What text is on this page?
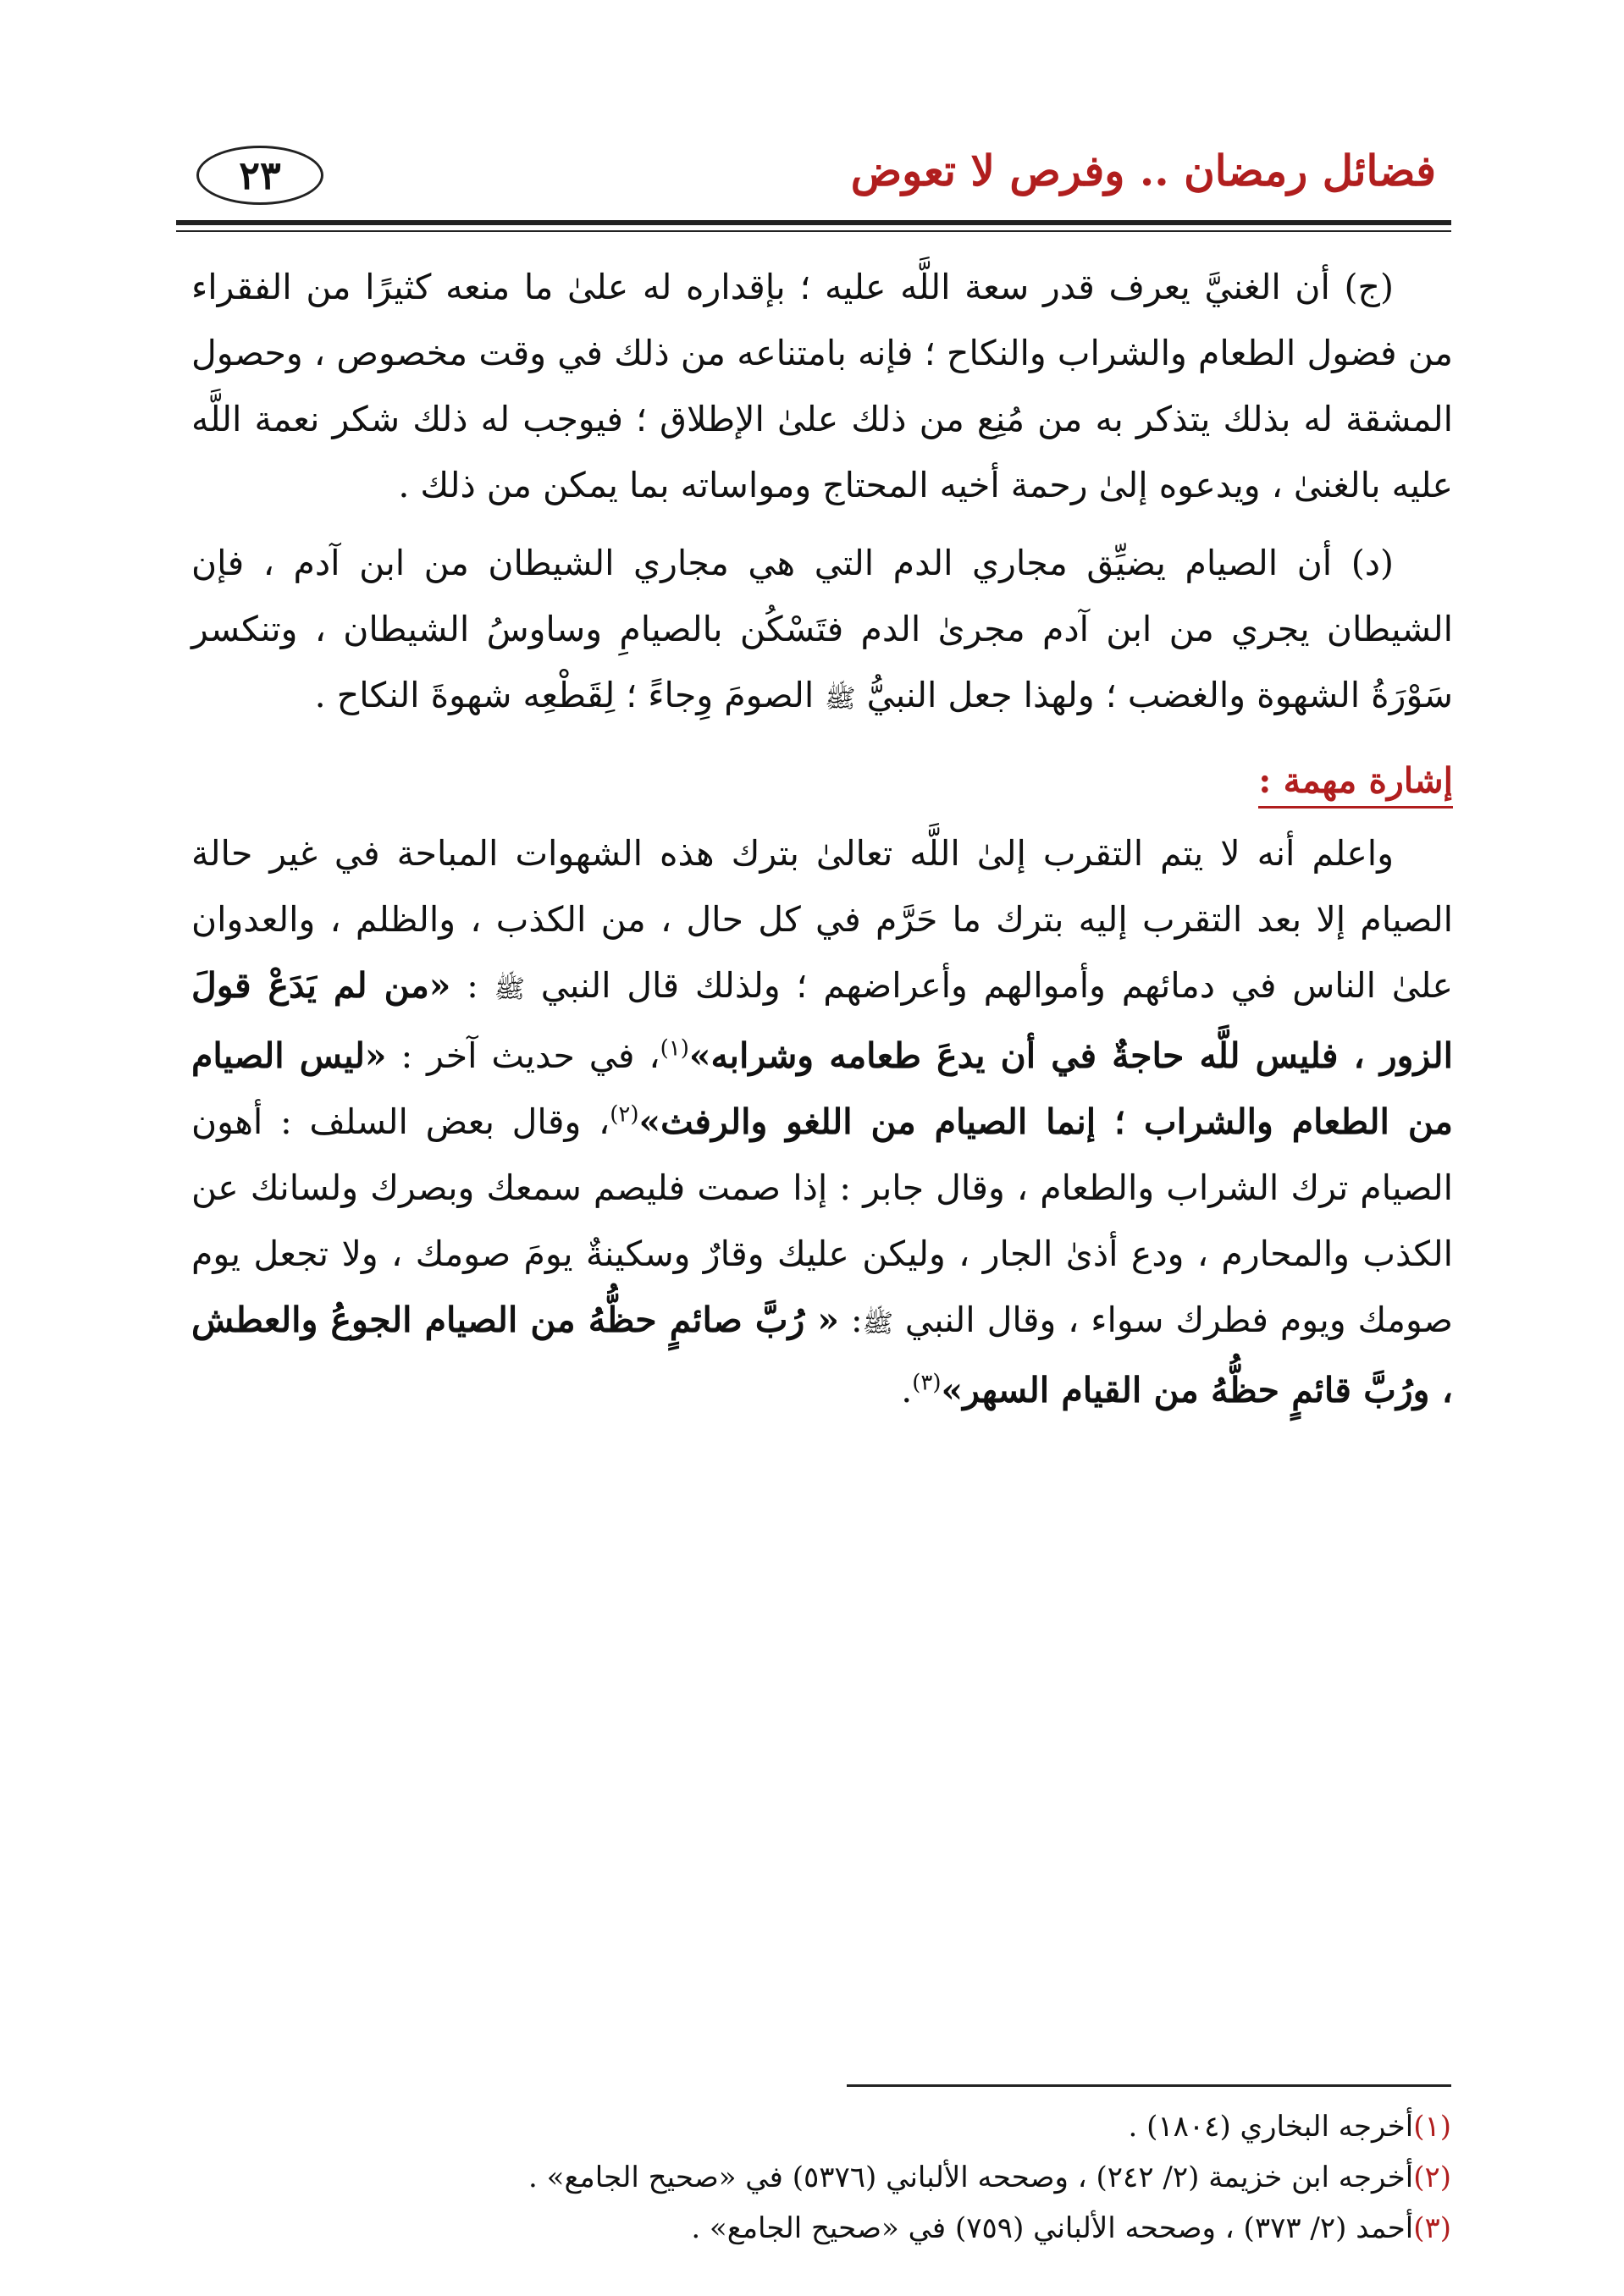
فضائل رمضان .. وفرص لا تعوض
٢٣

(ج) أن الغنيَّ يعرف قدر سعة اللَّه عليه ؛ بإقداره له علىٰ ما منعه كثيرًا من الفقراء من فضول الطعام والشراب والنكاح ؛ فإنه بامتناعه من ذلك في وقت مخصوص ، وحصول المشقة له بذلك يتذكر به من مُنِع من ذلك علىٰ الإطلاق ؛ فيوجب له ذلك شكر نعمة اللَّه عليه بالغنىٰ ، ويدعوه إلىٰ رحمة أخيه المحتاج ومواساته بما يمكن من ذلك .

(د) أن الصيام يضيِّق مجاري الدم التي هي مجاري الشيطان من ابن آدم ، فإن الشيطان يجري من ابن آدم مجرىٰ الدم فتَسْكُن بالصيامِ وساوسُ الشيطان ، وتنكسر سَوْرَةُ الشهوة والغضب ؛ ولهذا جعل النبيُّ ﷺ الصومَ وِجاءً ؛ لِقَطْعِه شهوةَ النكاح .

إشارة مهمة :

واعلم أنه لا يتم التقرب إلىٰ اللَّه تعالىٰ بترك هذه الشهوات المباحة في غير حالة الصيام إلا بعد التقرب إليه بترك ما حَرَّم في كل حال ، من الكذب ، والظلم ، والعدوان علىٰ الناس في دمائهم وأموالهم وأعراضهم ؛ ولذلك قال النبي ﷺ : «من لم يَدَعْ قولَ الزور ، فليس للَّه حاجةٌ في أن يدعَ طعامه وشرابه»$^{(١)}$، في حديث آخر : «ليس الصيام من الطعام والشراب ؛ إنما الصيام من اللغو والرفث»$^{(٢)}$، وقال بعض السلف : أهون الصيام ترك الشراب والطعام ، وقال جابر : إذا صمت فليصم سمعك وبصرك ولسانك عن الكذب والمحارم ، ودع أذىٰ الجار ، وليكن عليك وقارٌ وسكينةٌ يومَ صومك ، ولا تجعل يوم صومك ويوم فطرك سواء ، وقال النبي ﷺ: « رُبَّ صائمٍ حظُّهُ من الصيام الجوعُ والعطش ، ورُبَّ قائمٍ حظُّهُ من القيام السهر»$^{(٣)}$.

(١)أخرجه البخاري (١٨٠٤) .
(٢)أخرجه ابن خزيمة (٢/ ٢٤٢) ، وصححه الألباني (٥٣٧٦) في «صحيح الجامع» .
(٣)أحمد (٢/ ٣٧٣) ، وصححه الألباني (٧٥٩) في «صحيح الجامع» .
